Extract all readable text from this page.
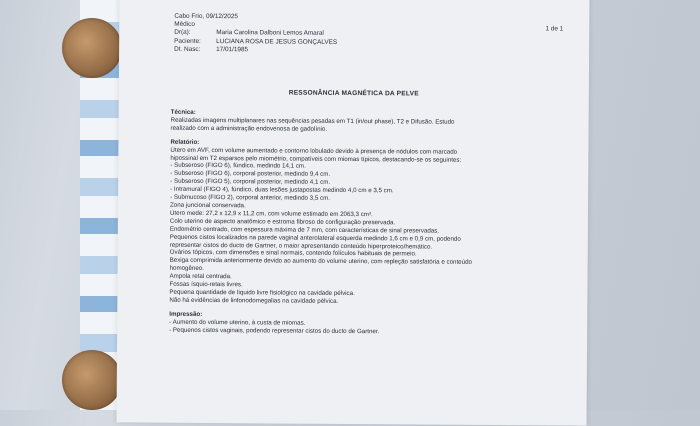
Cabo Frio, 09/12/2025
Médico
Dr(a):	Maria Carolina Dalboni Lemos Amaral
Paciente:	LUCIANA ROSA DE JESUS GONÇALVES
Dt. Nasc:	17/01/1985
1 de 1
RESSONÂNCIA MAGNÉTICA DA PELVE
Técnica:
Realizadas imagens multiplanares nas sequências pesadas em T1 (in/out phase), T2 e Difusão. Estudo
realizado com a administração endovenosa de gadolínio.
Relatório:
Útero em AVF, com volume aumentado e contorno lobulado devido à presença de nódulos com marcado
hipossinal em T2 esparsos pelo miométrio, compatíveis com miomas típicos, destacando-se os seguintes:
- Subseroso (FIGO 6), fúndico, medindo 14,1 cm.
- Subseroso (FIGO 6), corporal posterior, medindo 9,4 cm.
- Subseroso (FIGO 5), corporal posterior, medindo 4,1 cm.
- Intramural (FIGO 4), fúndico, duas lesões justapostas medindo 4,0 cm e 3,5 cm.
- Submucoso (FIGO 2), corporal anterior, medindo 3,5 cm.
Zona juncional conservada.
Útero mede: 27,2 x 12,9 x 11,2 cm, com volume estimado em 2063,3 cm³.
Colo uterino de aspecto anatômico e estroma fibroso de configuração preservada.
Endométrio centrado, com espessura máxima de 7 mm, com características de sinal preservadas.
Pequenos cistos localizados na parede vaginal anterolateral esquerda medindo 1,6 cm e 0,9 cm, podendo
representar cistos do ducto de Gartner, o maior apresentando conteúdo hiperproteico/hemático.
Ovários tópicos, com dimensões e sinal normais, contendo folículos habituais de permeio.
Bexiga comprimida anteriormente devido ao aumento do volume uterino, com repleção satisfatória e conteúdo
homogêneo.
Ampola retal centrada.
Fossas ísquio-retais livres.
Pequena quantidade de líquido livre fisiológico na cavidade pélvica.
Não há evidências de linfonodomegalias na cavidade pélvica.
Impressão:
- Aumento do volume uterino, à custa de miomas.
- Pequenos cistos vaginais, podendo representar cistos do ducto de Gartner.
